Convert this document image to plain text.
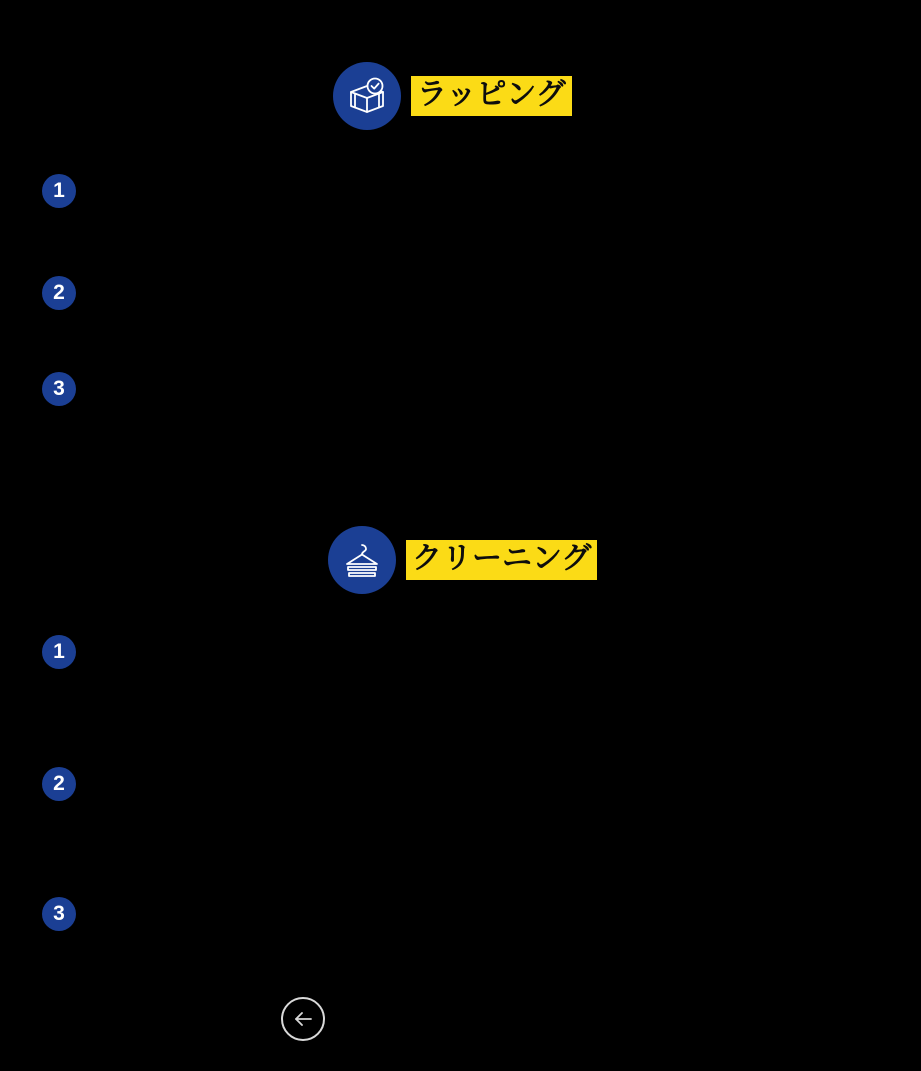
ラッピング
1

2

3

クリーニング
1

2

3
